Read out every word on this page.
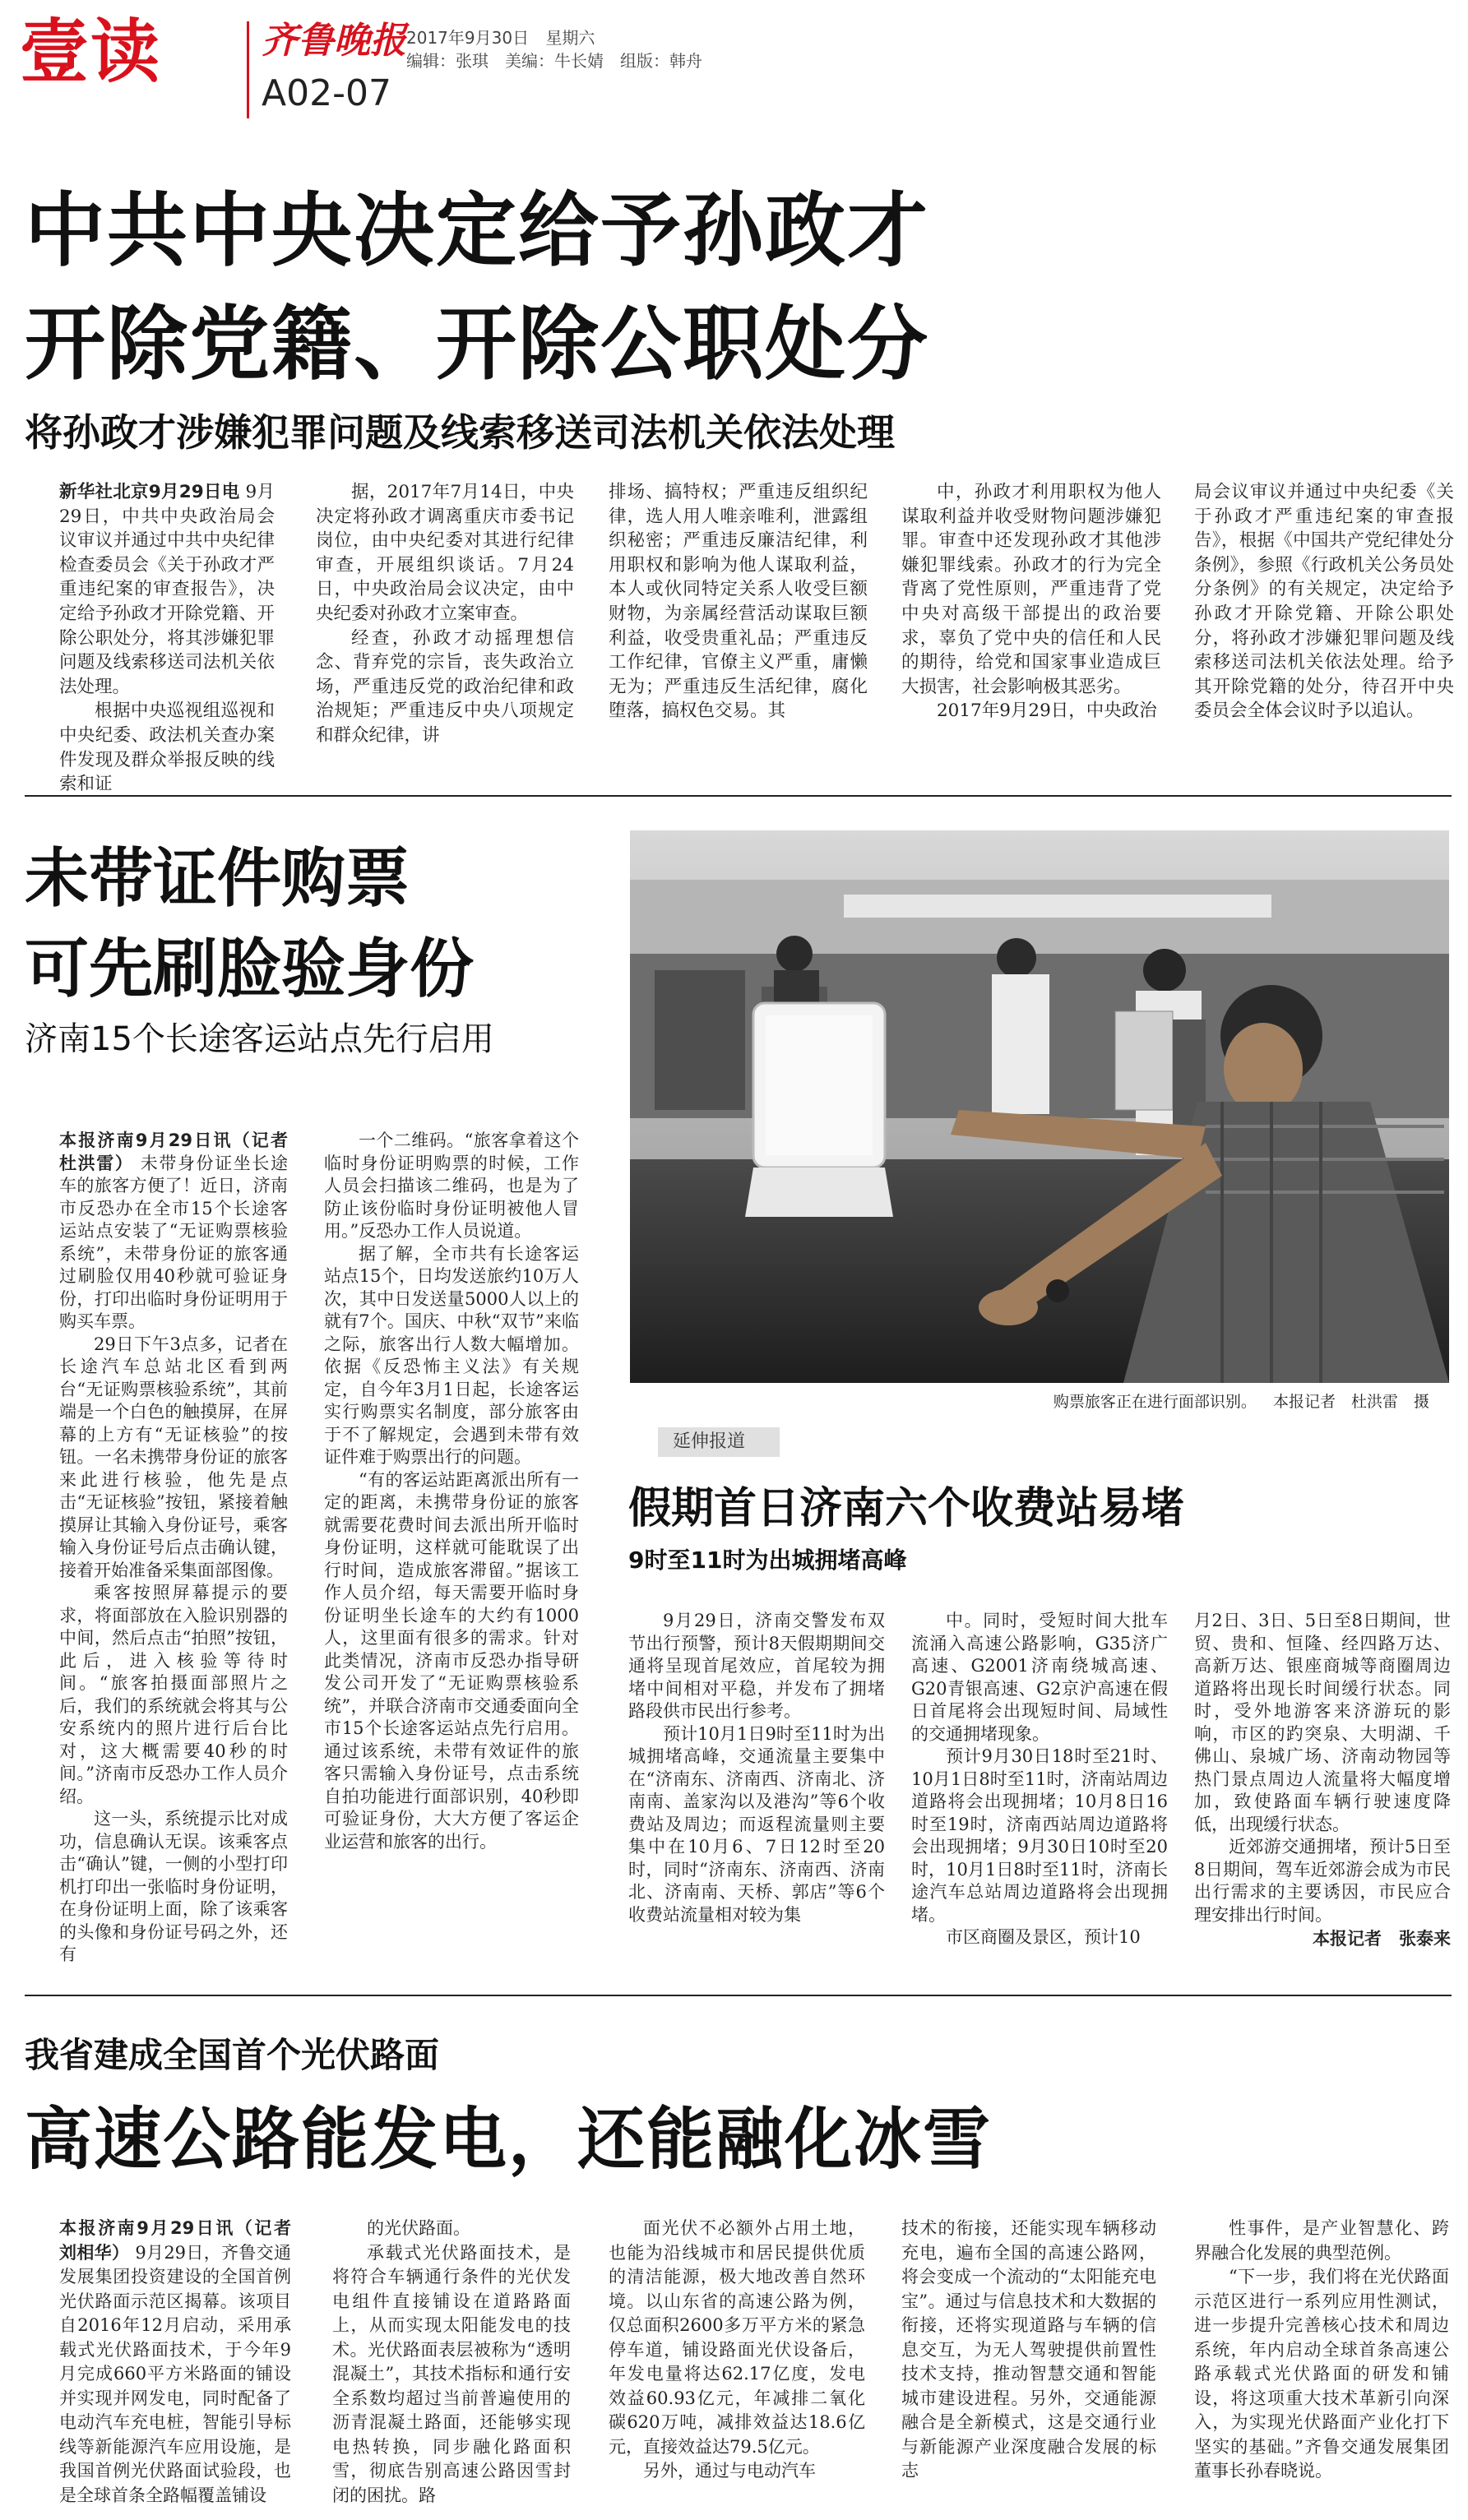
壹读	齐鲁晚报 2017年9月30日 星期六
编辑：张琪　美编：牛长婧　组版：韩舟
A02-07
中共中央决定给予孙政才
开除党籍、开除公职处分
将孙政才涉嫌犯罪问题及线索移送司法机关依法处理

新华社北京9月29日电 9月29日，中共中央政治局会议审议并通过中共中央纪律检查委员会《关于孙政才严重违纪案的审查报告》，决定给予孙政才开除党籍、开除公职处分，将其涉嫌犯罪问题及线索移送司法机关依法处理。
根据中央巡视组巡视和中央纪委、政法机关查办案件发现及群众举报反映的线索和证

据，2017年7月14日，中央决定将孙政才调离重庆市委书记岗位，由中央纪委对其进行纪律审查，开展组织谈话。7月24日，中央政治局会议决定，由中央纪委对孙政才立案审查。
经查，孙政才动摇理想信念、背弃党的宗旨，丧失政治立场，严重违反党的政治纪律和政治规矩；严重违反中央八项规定和群众纪律，讲
排场、搞特权；严重违反组织纪律，选人用人唯亲唯利，泄露组织秘密；严重违反廉洁纪律，利用职权和影响为他人谋取利益，本人或伙同特定关系人收受巨额财物，为亲属经营活动谋取巨额利益，收受贵重礼品；严重违反工作纪律，官僚主义严重，庸懒无为；严重违反生活纪律，腐化堕落，搞权色交易。其
中，孙政才利用职权为他人谋取利益并收受财物问题涉嫌犯罪。审查中还发现孙政才其他涉嫌犯罪线索。孙政才的行为完全背离了党性原则，严重违背了党中央对高级干部提出的政治要求，辜负了党中央的信任和人民的期待，给党和国家事业造成巨大损害，社会影响极其恶劣。
2017年9月29日，中央政治
局会议审议并通过中央纪委《关于孙政才严重违纪案的审查报告》，根据《中国共产党纪律处分条例》，参照《行政机关公务员处分条例》的有关规定，决定给予孙政才开除党籍、开除公职处分，将孙政才涉嫌犯罪问题及线索移送司法机关依法处理。给予其开除党籍的处分，待召开中央委员会全体会议时予以追认。
未带证件购票
可先刷脸验身份
济南15个长途客运站点先行启用

本报济南9月29日讯（记者 杜洪雷） 未带身份证坐长途车的旅客方便了！近日，济南市反恐办在全市15个长途客运站点安装了“无证购票核验系统”，未带身份证的旅客通过刷脸仅用40秒就可验证身份，打印出临时身份证明用于购买车票。
29日下午3点多，记者在长途汽车总站北区看到两台“无证购票核验系统”，其前端是一个白色的触摸屏，在屏幕的上方有“无证核验”的按钮。一名未携带身份证的旅客来此进行核验，他先是点击“无证核验”按钮，紧接着触摸屏让其输入身份证号，乘客输入身份证号后点击确认键，接着开始准备采集面部图像。
乘客按照屏幕提示的要求，将面部放在入脸识别器的中间，然后点击“拍照”按钮，此后，进入核验等待时间。“旅客拍摄面部照片之后，我们的系统就会将其与公安系统内的照片进行后台比对，这大概需要40秒的时间。”济南市反恐办工作人员介绍。
这一头，系统提示比对成功，信息确认无误。该乘客点击“确认”键，一侧的小型打印机打印出一张临时身份证明，在身份证明上面，除了该乘客的头像和身份证号码之外，还有

一个二维码。“旅客拿着这个临时身份证明购票的时候，工作人员会扫描该二维码，也是为了防止该份临时身份证明被他人冒用。”反恐办工作人员说道。
据了解，全市共有长途客运站点15个，日均发送旅约10万人次，其中日发送量5000人以上的就有7个。国庆、中秋“双节”来临之际，旅客出行人数大幅增加。依据《反恐怖主义法》有关规定，自今年3月1日起，长途客运实行购票实名制度，部分旅客由于不了解规定，会遇到未带有效证件难于购票出行的问题。
“有的客运站距离派出所有一定的距离，未携带身份证的旅客就需要花费时间去派出所开临时身份证明，这样就可能耽误了出行时间，造成旅客滞留。”据该工作人员介绍，每天需要开临时身份证明坐长途车的大约有1000人，这里面有很多的需求。针对此类情况，济南市反恐办指导研发公司开发了“无证购票核验系统”，并联合济南市交通委面向全市15个长途客运站点先行启用。通过该系统，未带有效证件的旅客只需输入身份证号，点击系统自拍功能进行面部识别，40秒即可验证身份，大大方便了客运企业运营和旅客的出行。
购票旅客正在进行面部识别。 本报记者　杜洪雷　摄
延伸报道
假期首日济南六个收费站易堵
9时至11时为出城拥堵高峰
9月29日，济南交警发布双节出行预警，预计8天假期期间交通将呈现首尾效应，首尾较为拥堵中间相对平稳，并发布了拥堵路段供市民出行参考。
预计10月1日9时至11时为出城拥堵高峰，交通流量主要集中在“济南东、济南西、济南北、济南南、盖家沟以及港沟”等6个收费站及周边；而返程流量则主要集中在10月6、7日12时至20时，同时“济南东、济南西、济南北、济南南、天桥、郭店”等6个收费站流量相对较为集
中。同时，受短时间大批车流涌入高速公路影响，G35济广高速、G2001济南绕城高速、G20青银高速、G2京沪高速在假日首尾将会出现短时间、局域性的交通拥堵现象。
预计9月30日18时至21时、10月1日8时至11时，济南站周边道路将会出现拥堵；10月8日16时至19时，济南西站周边道路将会出现拥堵；9月30日10时至20时，10月1日8时至11时，济南长途汽车总站周边道路将会出现拥堵。
市区商圈及景区，预计10
月2日、3日、5日至8日期间，世贸、贵和、恒隆、经四路万达、高新万达、银座商城等商圈周边道路将出现长时间缓行状态。同时，受外地游客来济游玩的影响，市区的趵突泉、大明湖、千佛山、泉城广场、济南动物园等热门景点周边人流量将大幅度增加，致使路面车辆行驶速度降低，出现缓行状态。
近郊游交通拥堵，预计5日至8日期间，驾车近郊游会成为市民出行需求的主要诱因，市民应合理安排出行时间。
本报记者　张泰来
我省建成全国首个光伏路面
高速公路能发电，还能融化冰雪

本报济南9月29日讯（记者 刘相华） 9月29日，齐鲁交通发展集团投资建设的全国首例光伏路面示范区揭幕。该项目自2016年12月启动，采用承载式光伏路面技术，于今年9月完成660平方米路面的铺设并实现并网发电，同时配备了电动汽车充电桩，智能引导标线等新能源汽车应用设施，是我国首例光伏路面试验段，也是全球首条全路幅覆盖铺设

的光伏路面。
承载式光伏路面技术，是将符合车辆通行条件的光伏发电组件直接铺设在道路路面上，从而实现太阳能发电的技术。光伏路面表层被称为“透明混凝土”，其技术指标和通行安全系数均超过当前普遍使用的沥青混凝土路面，还能够实现电热转换，同步融化路面积雪，彻底告别高速公路因雪封闭的困扰。路
面光伏不必额外占用土地，也能为沿线城市和居民提供优质的清洁能源，极大地改善自然环境。以山东省的高速公路为例，仅总面积2600多万平方米的紧急停车道，铺设路面光伏设备后，年发电量将达62.17亿度，发电效益60.93亿元，年减排二氧化碳620万吨，减排效益达18.6亿元，直接效益达79.5亿元。
另外，通过与电动汽车
技术的衔接，还能实现车辆移动充电，遍布全国的高速公路网，将会变成一个流动的“太阳能充电宝”。通过与信息技术和大数据的衔接，还将实现道路与车辆的信息交互，为无人驾驶提供前置性技术支持，推动智慧交通和智能城市建设进程。另外，交通能源融合是全新模式，这是交通行业与新能源产业深度融合发展的标志
性事件，是产业智慧化、跨界融合化发展的典型范例。
“下一步，我们将在光伏路面示范区进行一系列应用性测试，进一步提升完善核心技术和周边系统，年内启动全球首条高速公路承载式光伏路面的研发和铺设，将这项重大技术革新引向深入，为实现光伏路面产业化打下坚实的基础。”齐鲁交通发展集团董事长孙春晓说。
